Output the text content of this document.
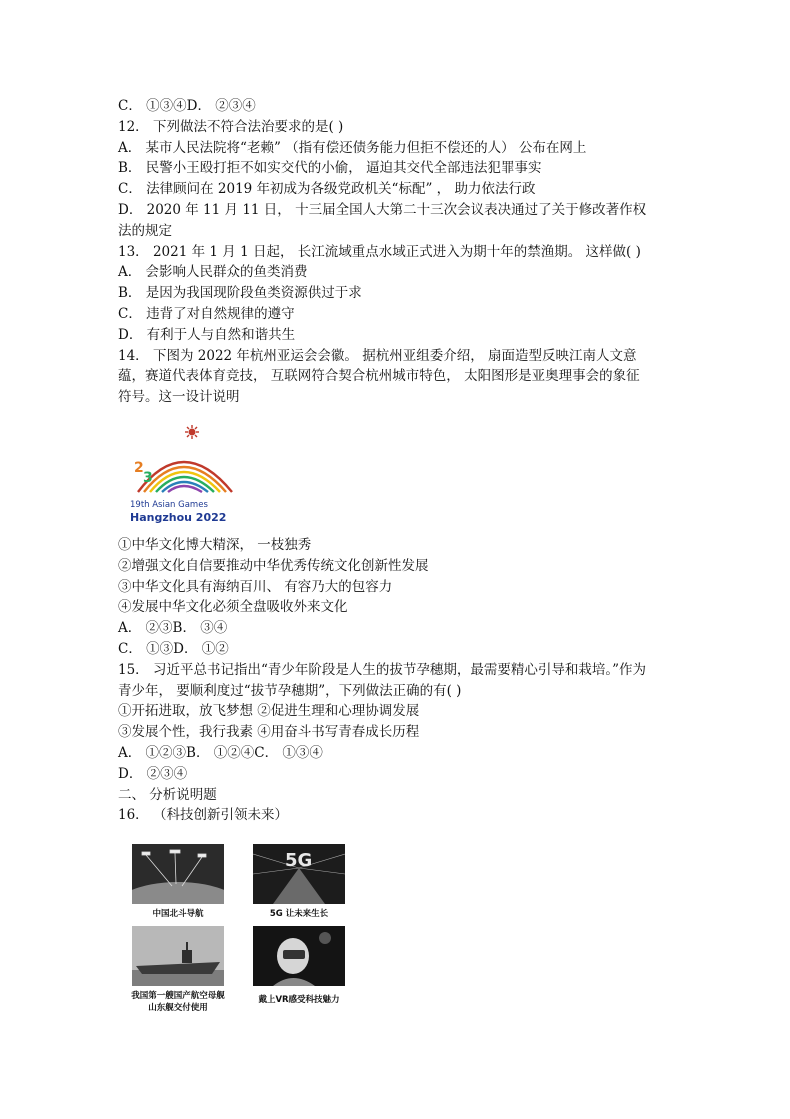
C． ①③④D． ②③④
12． 下列做法不符合法治要求的是( )
A． 某市人民法院将“老赖” （指有偿还债务能力但拒不偿还的人） 公布在网上
B． 民警小王殴打拒不如实交代的小偷， 逼迫其交代全部违法犯罪事实
C． 法律顾问在 2019 年初成为各级党政机关“标配” ， 助力依法行政
D． 2020 年 11 月 11 日， 十三届全国人大第二十三次会议表决通过了关于修改著作权
法的规定
13． 2021 年 1 月 1 日起， 长江流域重点水域正式进入为期十年的禁渔期。 这样做( )
A． 会影响人民群众的鱼类消费
B． 是因为我国现阶段鱼类资源供过于求
C． 违背了对自然规律的遵守
D． 有利于人与自然和谐共生
14． 下图为 2022 年杭州亚运会会徽。 据杭州亚组委介绍， 扇面造型反映江南人文意
蕴，赛道代表体育竞技， 互联网符合契合杭州城市特色， 太阳图形是亚奥理事会的象征
符号。这一设计说明
2
3
19th Asian Games
Hangzhou 2022
①中华文化博大精深， 一枝独秀
②增强文化自信要推动中华优秀传统文化创新性发展
③中华文化具有海纳百川、 有容乃大的包容力
④发展中华文化必须全盘吸收外来文化
A． ②③B． ③④
C． ①③D． ①②
15． 习近平总书记指出“青少年阶段是人生的拔节孕穗期，最需要精心引导和栽培。”作为
青少年， 要顺利度过“拔节孕穗期”，下列做法正确的有( )
①开拓进取，放飞梦想 ②促进生理和心理协调发展
③发展个性，我行我素 ④用奋斗书写青春成长历程
A． ①②③B． ①②④C． ①③④
D． ②③④
二、 分析说明题
16． （科技创新引领未来）
中国北斗导航
5G
5G 让未来生长
我国第一艘国产航空母舰山东舰交付使用
戴上VR感受科技魅力
